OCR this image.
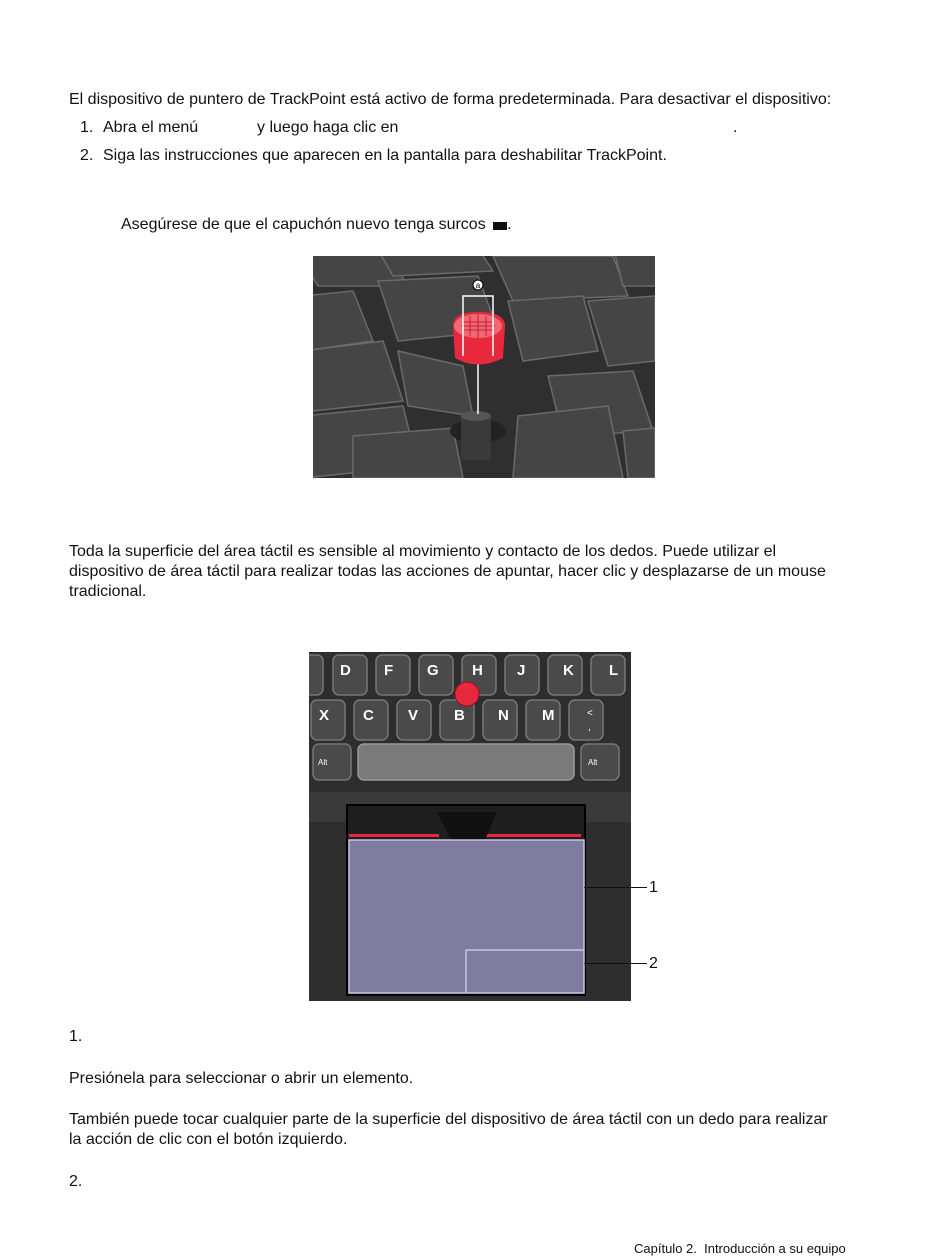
El dispositivo de puntero de TrackPoint está activo de forma predeterminada. Para desactivar el dispositivo:
1. Abra el menú	y luego haga clic en	.
2. Siga las instrucciones que aparecen en la pantalla para deshabilitar TrackPoint.
Asegúrese de que el capuchón nuevo tenga surcos .
a
Toda la superficie del área táctil es sensible al movimiento y contacto de los dedos. Puede utilizar el
dispositivo de área táctil para realizar todas las acciones de apuntar, hacer clic y desplazarse de un mouse
tradicional.
D F G H J	K L
X C V B N M	<
,
Alt	Alt
1
2
1.
Presiónela para seleccionar o abrir un elemento.
También puede tocar cualquier parte de la superficie del dispositivo de área táctil con un dedo para realizar
la acción de clic con el botón izquierdo.
2.
Capítulo 2.  Introducción a su equipo
